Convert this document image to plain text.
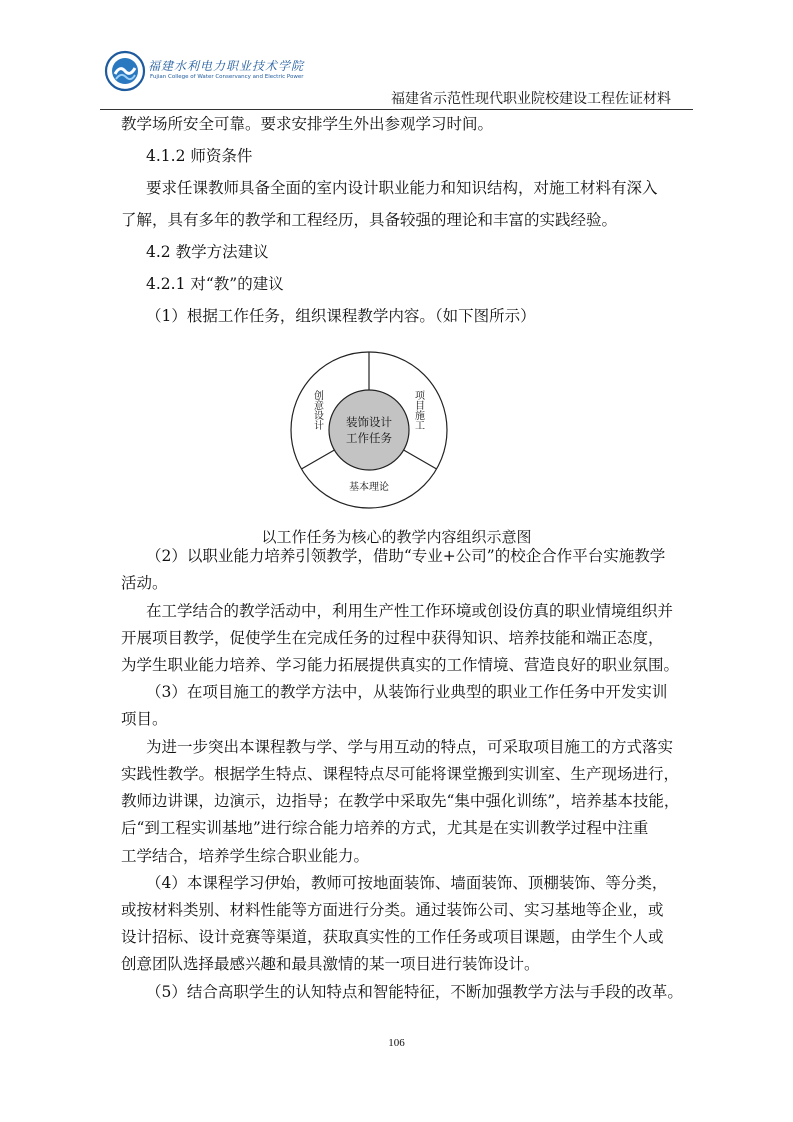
福建水利电力职业技术学院
Fujian College of Water Conservancy and Electric Power
福建省示范性现代职业院校建设工程佐证材料
教学场所安全可靠。要求安排学生外出参观学习时间。
4.1.2 师资条件
要求任课教师具备全面的室内设计职业能力和知识结构，对施工材料有深入
了解，具有多年的教学和工程经历，具备较强的理论和丰富的实践经验。
4.2 教学方法建议
4.2.1 对“教”的建议
（1）根据工作任务，组织课程教学内容。（如下图所示）
装饰设计
工作任务
创意设计	项目施工
基本理论
以工作任务为核心的教学内容组织示意图
（2）以职业能力培养引领教学，借助“专业+公司”的校企合作平台实施教学
活动。
在工学结合的教学活动中，利用生产性工作环境或创设仿真的职业情境组织并
开展项目教学，促使学生在完成任务的过程中获得知识、培养技能和端正态度，
为学生职业能力培养、学习能力拓展提供真实的工作情境、营造良好的职业氛围。
（3）在项目施工的教学方法中，从装饰行业典型的职业工作任务中开发实训
项目。
为进一步突出本课程教与学、学与用互动的特点，可采取项目施工的方式落实
实践性教学。根据学生特点、课程特点尽可能将课堂搬到实训室、生产现场进行，
教师边讲课，边演示，边指导；在教学中采取先“集中强化训练”，培养基本技能，
后“到工程实训基地”进行综合能力培养的方式，尤其是在实训教学过程中注重
工学结合，培养学生综合职业能力。
（4）本课程学习伊始，教师可按地面装饰、墙面装饰、顶棚装饰、等分类，
或按材料类别、材料性能等方面进行分类。通过装饰公司、实习基地等企业，或
设计招标、设计竞赛等渠道，获取真实性的工作任务或项目课题，由学生个人或
创意团队选择最感兴趣和最具激情的某一项目进行装饰设计。
（5）结合高职学生的认知特点和智能特征，不断加强教学方法与手段的改革。
106
